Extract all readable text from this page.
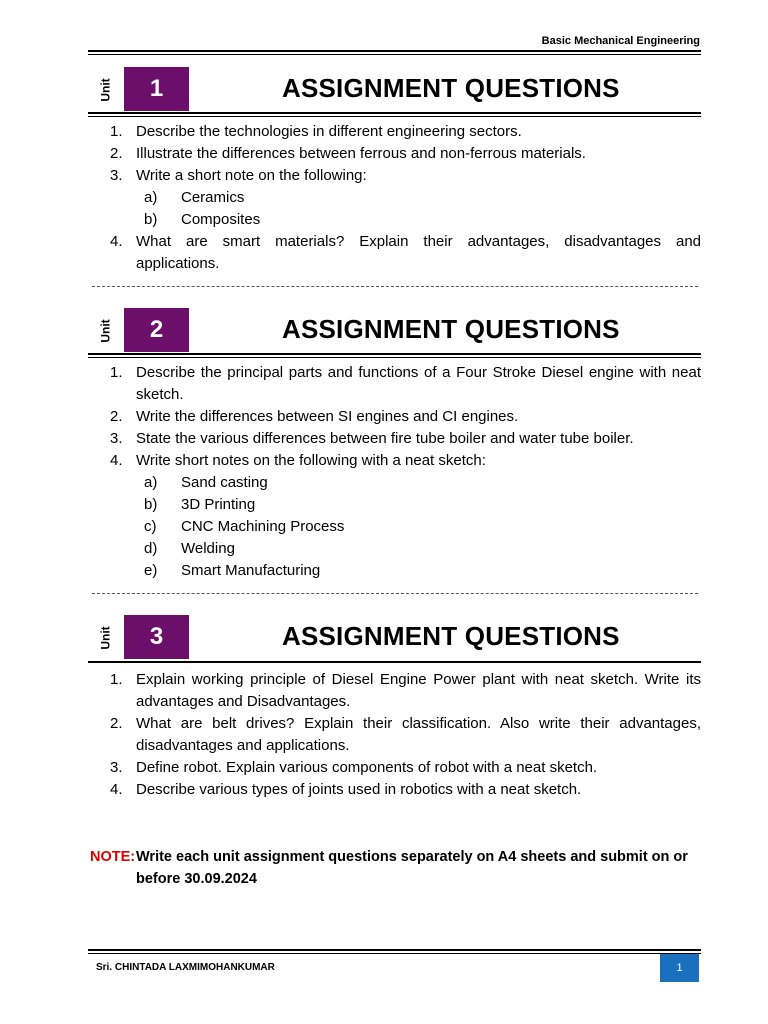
Basic Mechanical Engineering
Unit	1	ASSIGNMENT QUESTIONS
1. Describe the technologies in different engineering sectors.
2. Illustrate the differences between ferrous and non-ferrous materials.
3. Write a short note on the following:
a) Ceramics
b) Composites
4. What are smart materials? Explain their advantages, disadvantages and applications.
Unit	2	ASSIGNMENT QUESTIONS
1. Describe the principal parts and functions of a Four Stroke Diesel engine with neat sketch.
2. Write the differences between SI engines and CI engines.
3. State the various differences between fire tube boiler and water tube boiler.
4. Write short notes on the following with a neat sketch:
a) Sand casting
b) 3D Printing
c) CNC Machining Process
d) Welding
e) Smart Manufacturing
Unit	3	ASSIGNMENT QUESTIONS
1. Explain working principle of Diesel Engine Power plant with neat sketch. Write its advantages and Disadvantages.
2. What are belt drives? Explain their classification. Also write their advantages, disadvantages and applications.
3. Define robot. Explain various components of robot with a neat sketch.
4. Describe various types of joints used in robotics with a neat sketch.
NOTE: Write each unit assignment questions separately on A4 sheets and submit on or before 30.09.2024
Sri. CHINTADA LAXMIMOHANKUMAR	1
